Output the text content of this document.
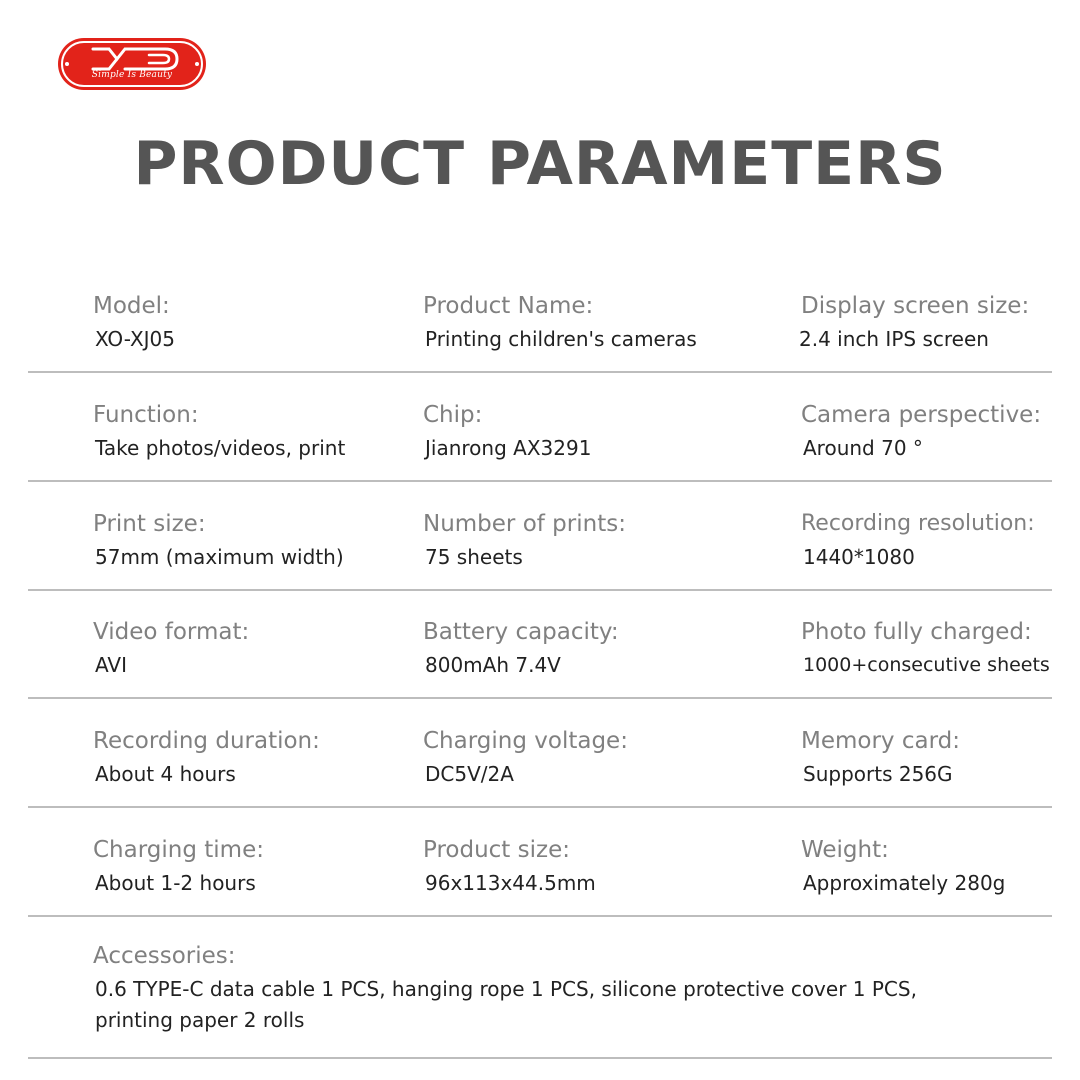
Simple Is Beauty
PRODUCT PARAMETERS
Model:
XO-XJ05
Product Name:
Printing children's cameras
Display screen size:
2.4 inch IPS screen
Function:
Take photos/videos, print
Chip:
Jianrong AX3291
Camera perspective:
Around 70 °
Print size:
57mm (maximum width)
Number of prints:
75 sheets
Recording resolution:
1440*1080
Video format:
AVI
Battery capacity:
800mAh 7.4V
Photo fully charged:
1000+consecutive sheets
Recording duration:
About 4 hours
Charging voltage:
DC5V/2A
Memory card:
Supports 256G
Charging time:
About 1-2 hours
Product size:
96x113x44.5mm
Weight:
Approximately 280g
Accessories:
0.6 TYPE-C data cable 1 PCS, hanging rope 1 PCS, silicone protective cover 1 PCS, printing paper 2 rolls
